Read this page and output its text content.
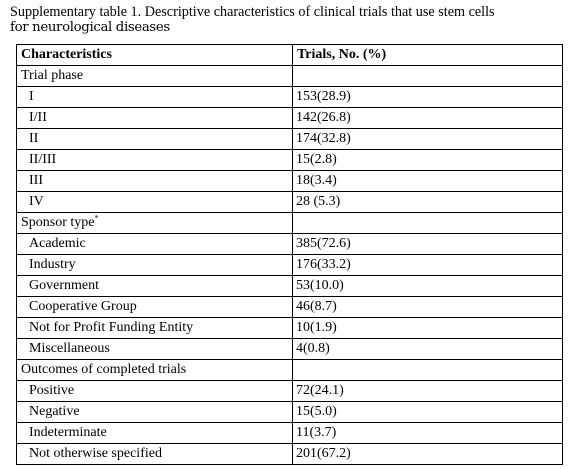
Supplementary table 1. Descriptive characteristics of clinical trials that use stem cells
for neurological diseases
Characteristics	Trials, No. (%)
Trial phase	
I	153(28.9)
I/II	142(26.8)
II	174(32.8)
II/III	15(2.8)
III	18(3.4)
IV	28 (5.3)
Sponsor type*	
Academic	385(72.6)
Industry	176(33.2)
Government	53(10.0)
Cooperative Group	46(8.7)
Not for Profit Funding Entity	10(1.9)
Miscellaneous	4(0.8)
Outcomes of completed trials	
Positive	72(24.1)
Negative	15(5.0)
Indeterminate	11(3.7)
Not otherwise specified	201(67.2)
